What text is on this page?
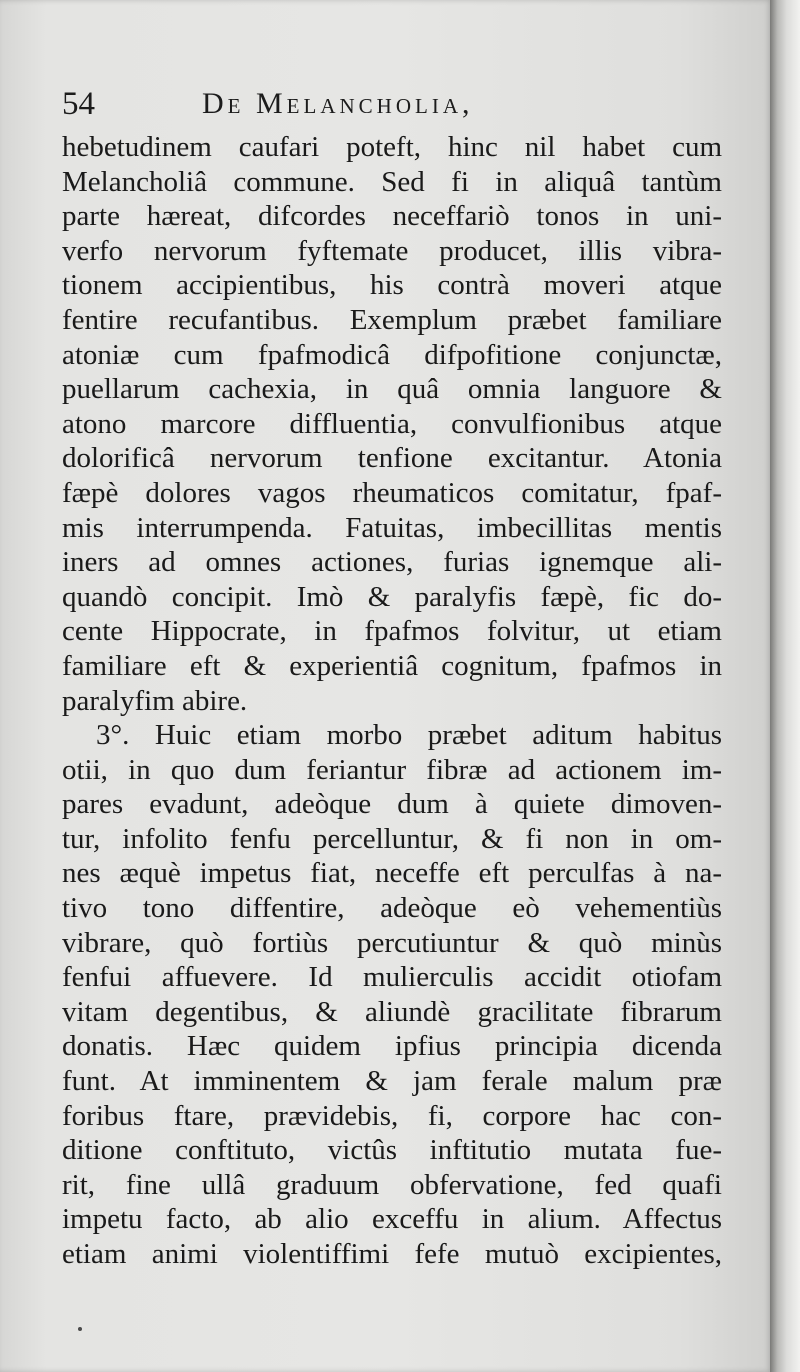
54	De Melancholia,
hebetudinem caufari poteft, hinc nil habet cum
Melancholiâ commune. Sed fi in aliquâ tantùm
parte hæreat, difcordes neceffariò tonos in uni-
verfo nervorum fyftemate producet, illis vibra-
tionem accipientibus, his contrà moveri atque
fentire recufantibus. Exemplum præbet familiare
atoniæ cum fpafmodicâ difpofitione conjunctæ,
puellarum cachexia, in quâ omnia languore &
atono marcore diffluentia, convulfionibus atque
dolorificâ nervorum tenfione excitantur. Atonia
fæpè dolores vagos rheumaticos comitatur, fpaf-
mis interrumpenda. Fatuitas, imbecillitas mentis
iners ad omnes actiones, furias ignemque ali-
quandò concipit. Imò & paralyfis fæpè, fic do-
cente Hippocrate, in fpafmos folvitur, ut etiam
familiare eft & experientiâ cognitum, fpafmos in
paralyfim abire.
3°. Huic etiam morbo præbet aditum habitus
otii, in quo dum feriantur fibræ ad actionem im-
pares evadunt, adeòque dum à quiete dimoven-
tur, infolito fenfu percelluntur, & fi non in om-
nes æquè impetus fiat, neceffe eft perculfas à na-
tivo tono diffentire, adeòque eò vehementiùs
vibrare, quò fortiùs percutiuntur & quò minùs
fenfui affuevere. Id mulierculis accidit otiofam
vitam degentibus, & aliundè gracilitate fibrarum
donatis. Hæc quidem ipfius principia dicenda
funt. At imminentem & jam ferale malum præ
foribus ftare, prævidebis, fi, corpore hac con-
ditione conftituto, victûs inftitutio mutata fue-
rit, fine ullâ graduum obfervatione, fed quafi
impetu facto, ab alio exceffu in alium. Affectus
etiam animi violentiffimi fefe mutuò excipientes,
